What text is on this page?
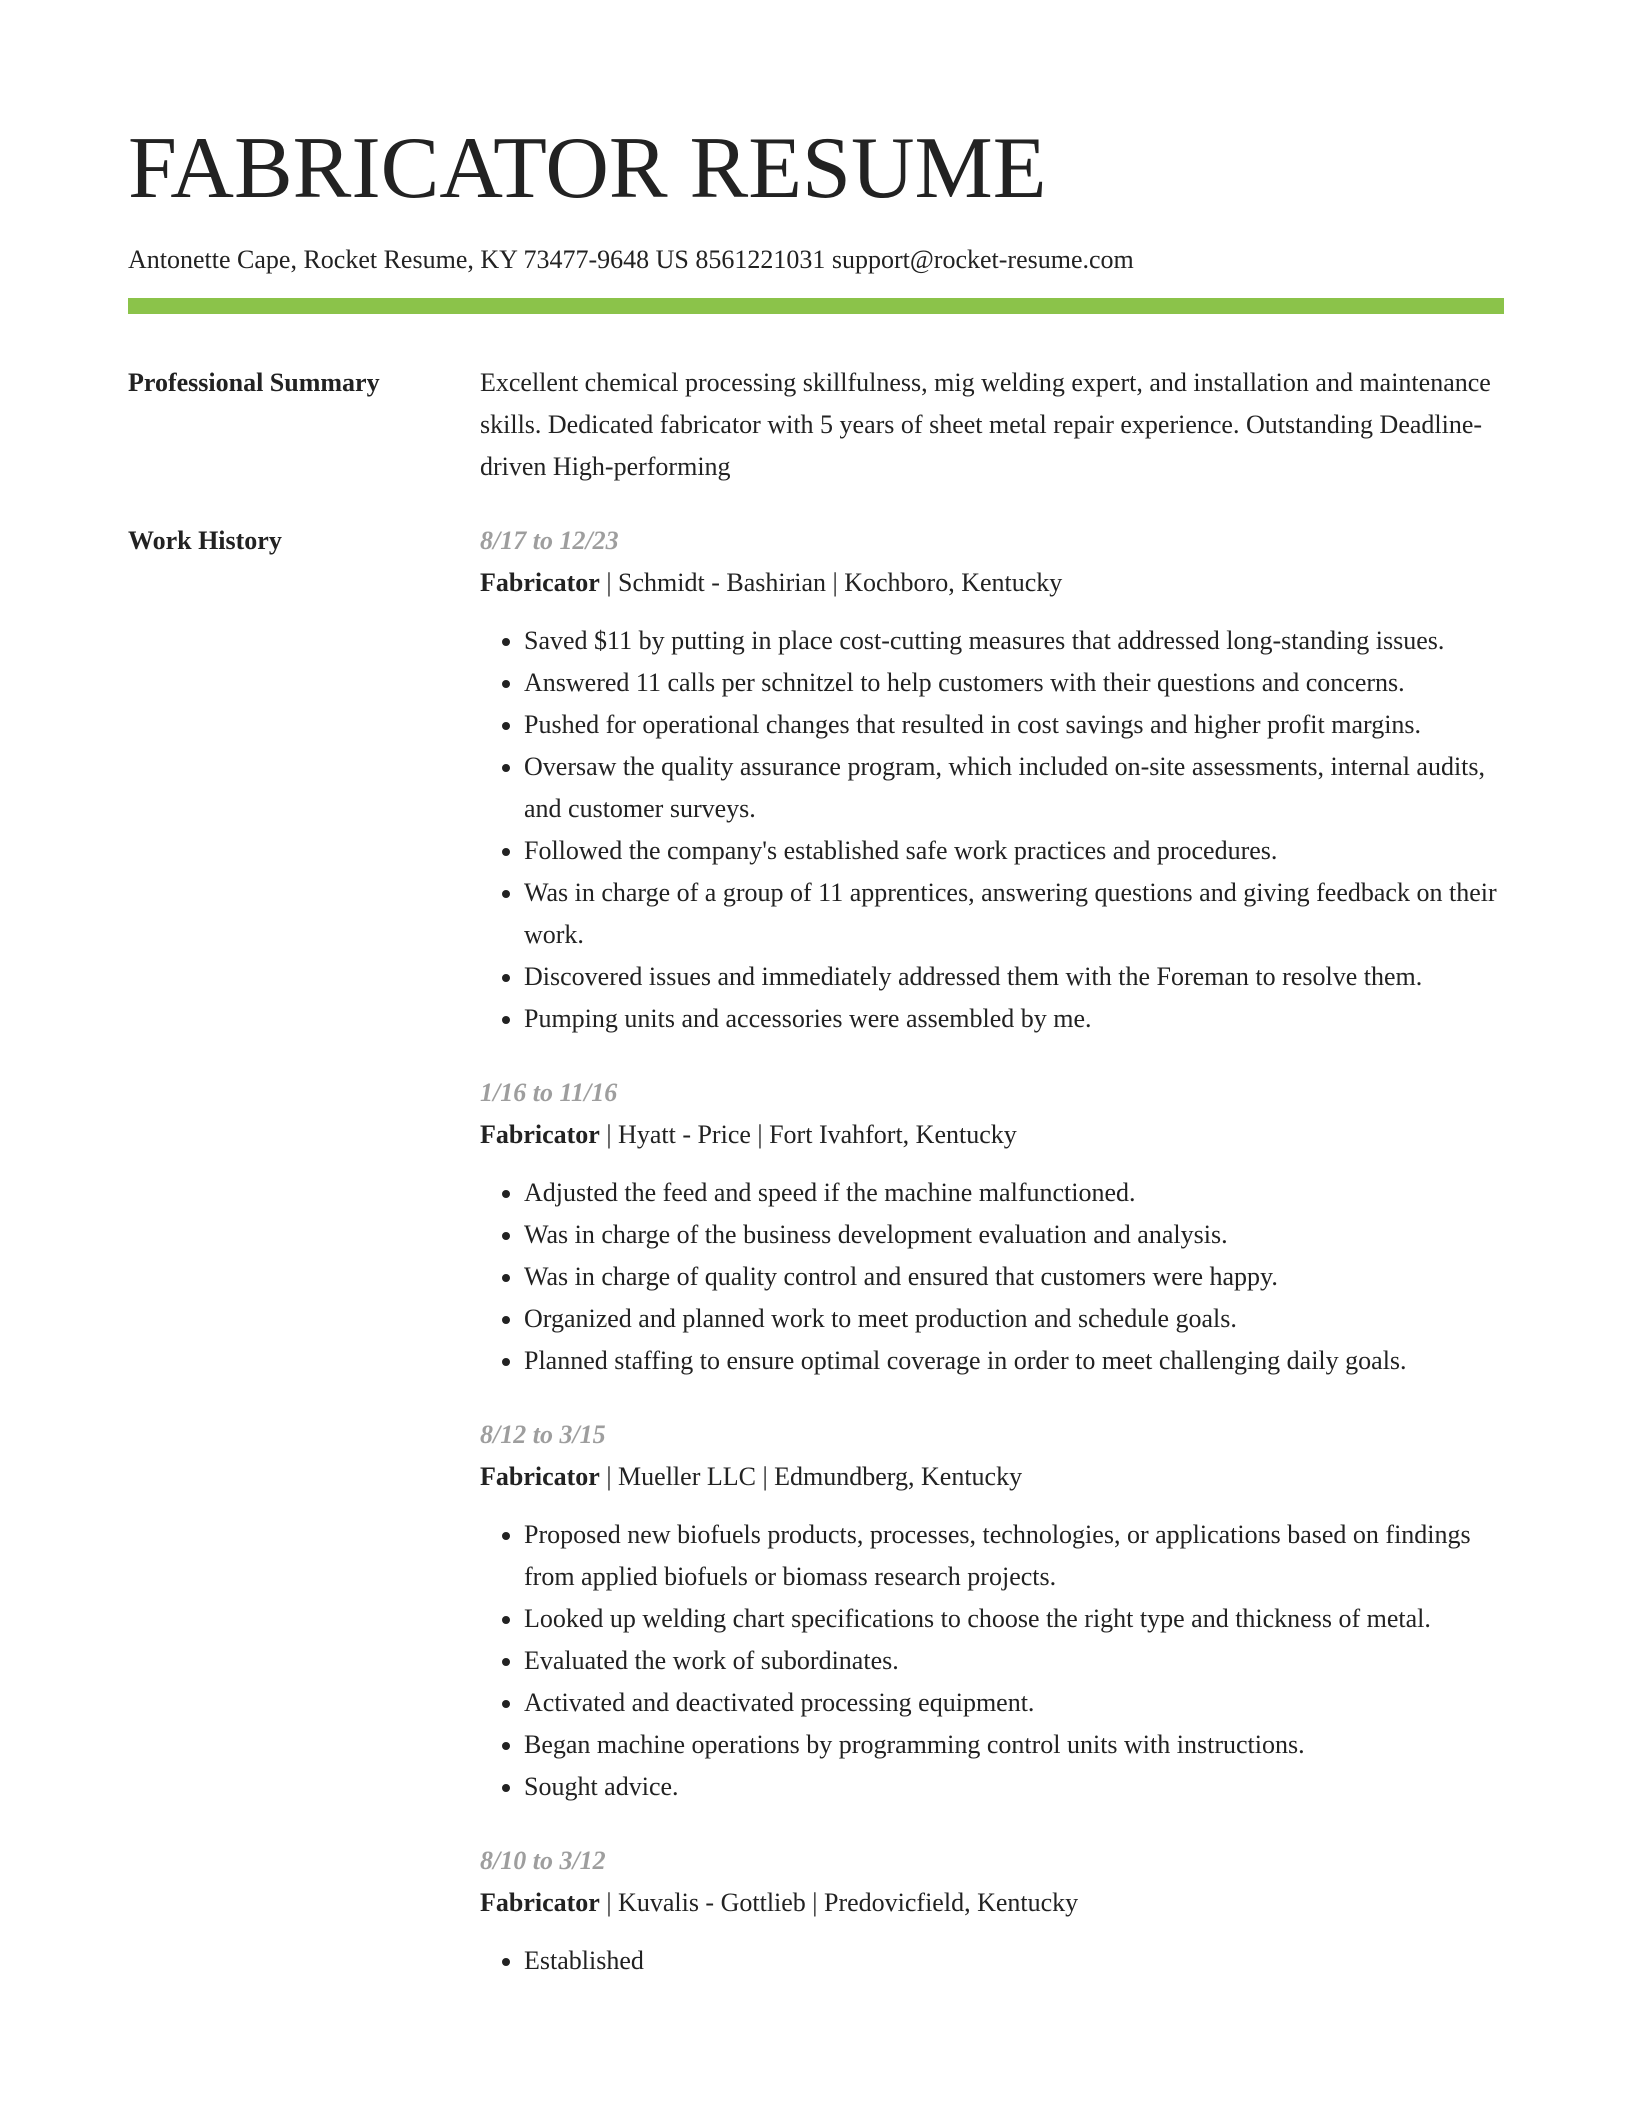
FABRICATOR RESUME
Antonette Cape, Rocket Resume, KY 73477-9648 US 8561221031 support@rocket-resume.com
Professional Summary	Excellent chemical processing skillfulness, mig welding expert, and installation and maintenance skills. Dedicated fabricator with 5 years of sheet metal repair experience. Outstanding Deadline-driven High-performing
Work History	8/17 to 12/23
Fabricator | Schmidt - Bashirian | Kochboro, Kentucky
• Saved $11 by putting in place cost-cutting measures that addressed long-standing issues.
• Answered 11 calls per schnitzel to help customers with their questions and concerns.
• Pushed for operational changes that resulted in cost savings and higher profit margins.
• Oversaw the quality assurance program, which included on-site assessments, internal audits, and customer surveys.
• Followed the company's established safe work practices and procedures.
• Was in charge of a group of 11 apprentices, answering questions and giving feedback on their work.
• Discovered issues and immediately addressed them with the Foreman to resolve them.
• Pumping units and accessories were assembled by me.
1/16 to 11/16
Fabricator | Hyatt - Price | Fort Ivahfort, Kentucky
• Adjusted the feed and speed if the machine malfunctioned.
• Was in charge of the business development evaluation and analysis.
• Was in charge of quality control and ensured that customers were happy.
• Organized and planned work to meet production and schedule goals.
• Planned staffing to ensure optimal coverage in order to meet challenging daily goals.
8/12 to 3/15
Fabricator | Mueller LLC | Edmundberg, Kentucky
• Proposed new biofuels products, processes, technologies, or applications based on findings from applied biofuels or biomass research projects.
• Looked up welding chart specifications to choose the right type and thickness of metal.
• Evaluated the work of subordinates.
• Activated and deactivated processing equipment.
• Began machine operations by programming control units with instructions.
• Sought advice.
8/10 to 3/12
Fabricator | Kuvalis - Gottlieb | Predovicfield, Kentucky
• Established
